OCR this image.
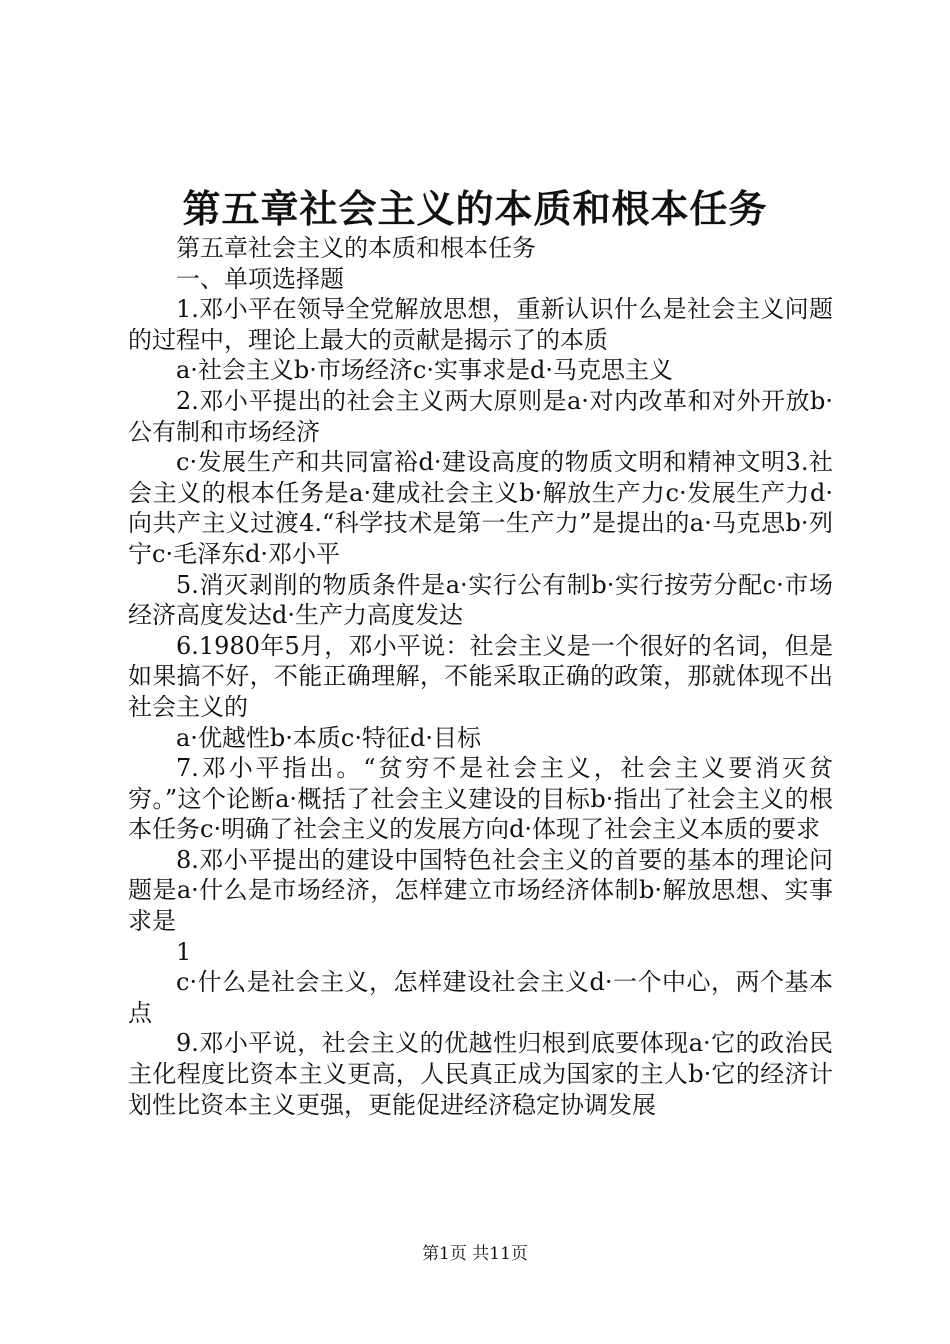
第五章社会主义的本质和根本任务

第五章社会主义的本质和根本任务

一、单项选择题

1.邓小平在领导全党解放思想，重新认识什么是社会主义问题的过程中，理论上最大的贡献是揭示了的本质

a·社会主义b·市场经济c·实事求是d·马克思主义

2.邓小平提出的社会主义两大原则是a·对内改革和对外开放b·公有制和市场经济

c·发展生产和共同富裕d·建设高度的物质文明和精神文明3.社会主义的根本任务是a·建成社会主义b·解放生产力c·发展生产力d·向共产主义过渡4.“科学技术是第一生产力”是提出的a·马克思b·列宁c·毛泽东d·邓小平

5.消灭剥削的物质条件是a·实行公有制b·实行按劳分配c·市场经济高度发达d·生产力高度发达

6.1980年5月，邓小平说：社会主义是一个很好的名词，但是如果搞不好，不能正确理解，不能采取正确的政策，那就体现不出社会主义的

a·优越性b·本质c·特征d·目标

7.邓小平指出。“贫穷不是社会主义，社会主义要消灭贫穷。”这个论断a·概括了社会主义建设的目标b·指出了社会主义的根本任务c·明确了社会主义的发展方向d·体现了社会主义本质的要求

8.邓小平提出的建设中国特色社会主义的首要的基本的理论问题是a·什么是市场经济，怎样建立市场经济体制b·解放思想、实事求是

1

c·什么是社会主义，怎样建设社会主义d·一个中心，两个基本点

9.邓小平说，社会主义的优越性归根到底要体现a·它的政治民主化程度比资本主义更高，人民真正成为国家的主人b·它的经济计划性比资本主义更强，更能促进经济稳定协调发展

第1页 共11页
